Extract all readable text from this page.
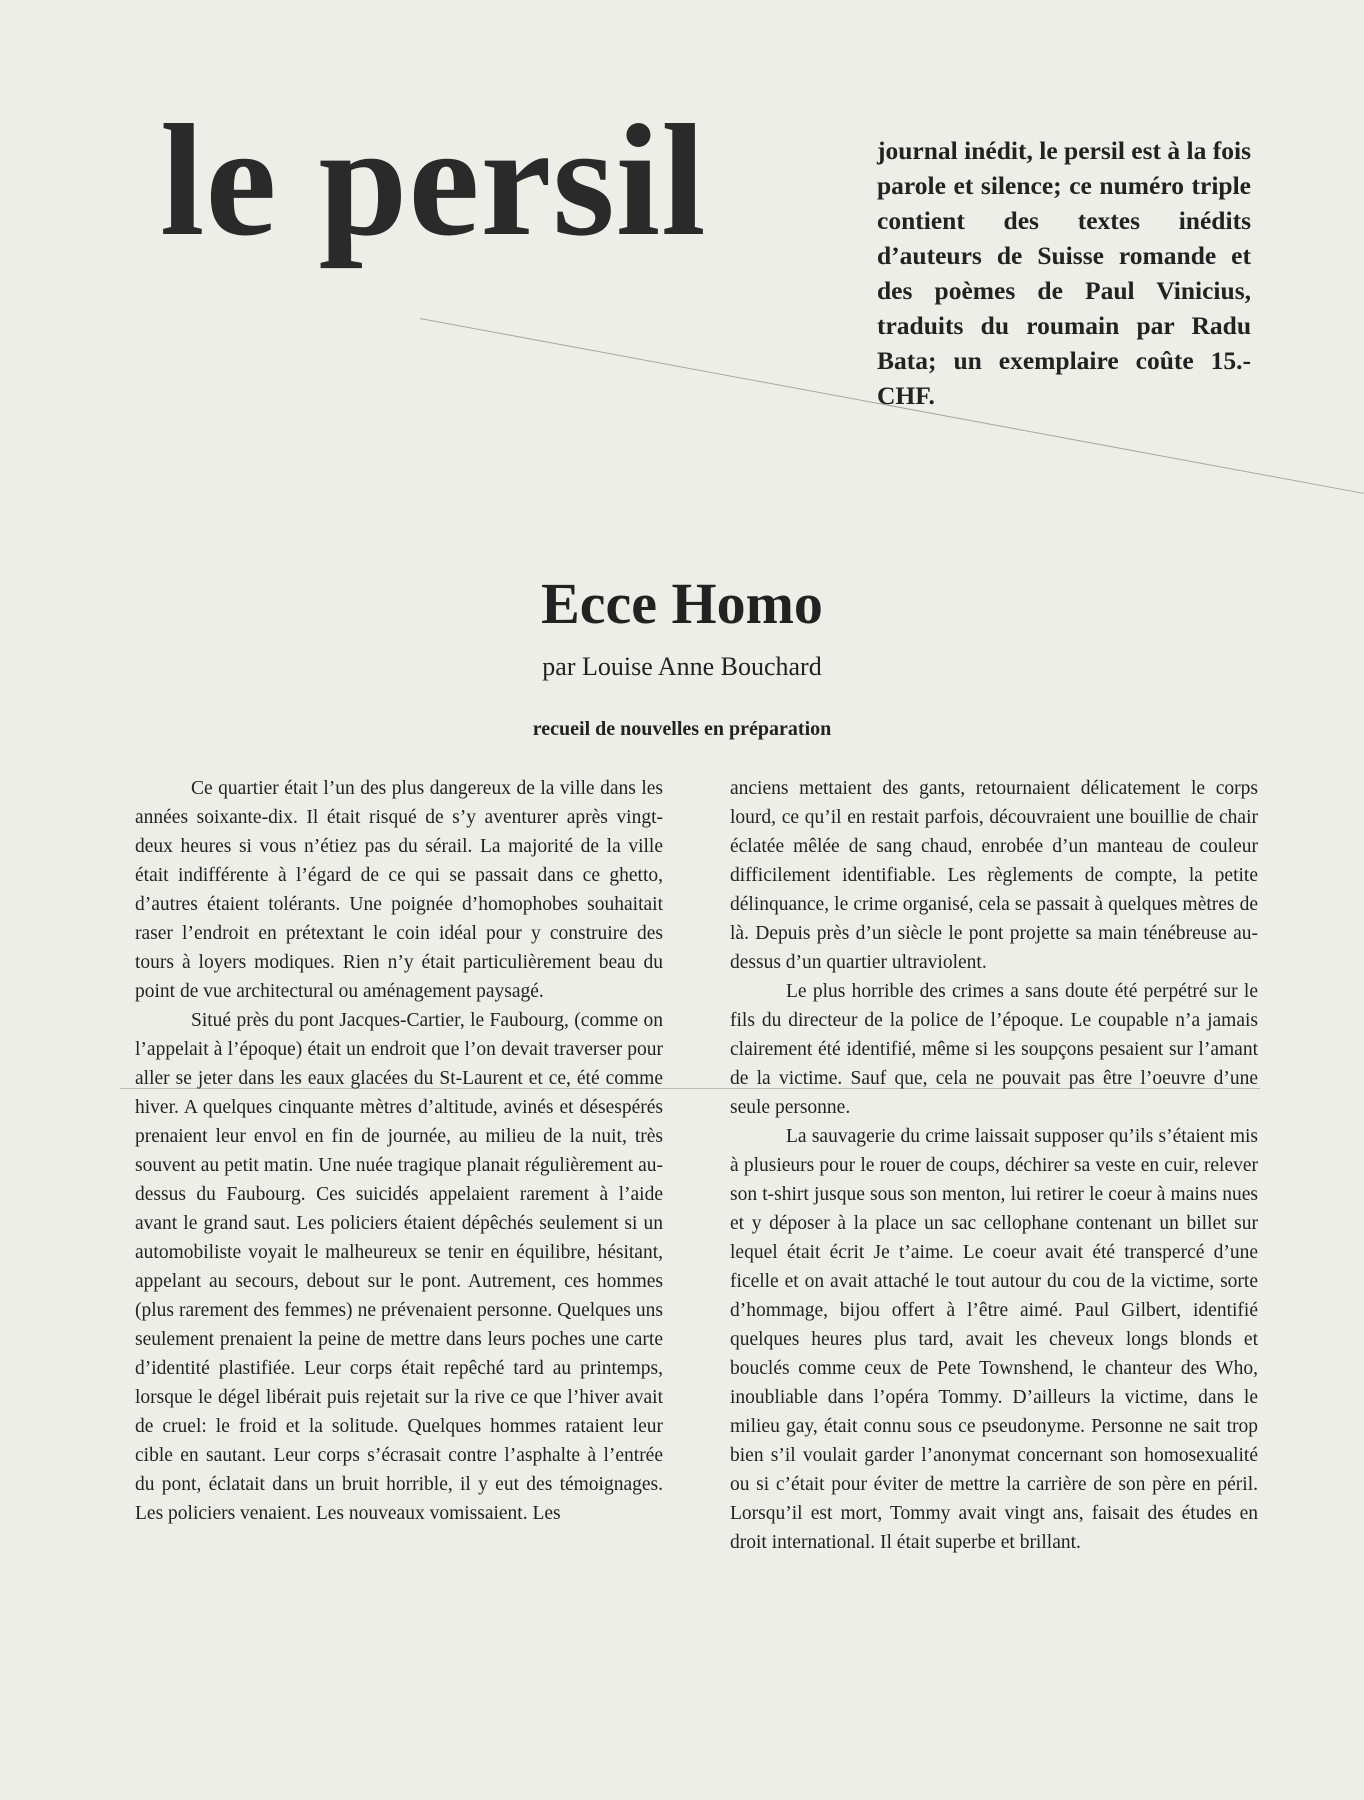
le persil	journal inédit, le persil est à la fois parole et silence; ce numéro triple contient des textes inédits d’auteurs de Suisse romande et des poèmes de Paul Vinicius, traduits du roumain par Radu Bata; un exemplaire coûte 15.-CHF.
Ecce Homo
par Louise Anne Bouchard
recueil de nouvelles en préparation

Ce quartier était l’un des plus dangereux de la ville dans les années soixante-dix. Il était risqué de s’y aventurer après vingt-deux heures si vous n’étiez pas du sérail. La majorité de la ville était indifférente à l’égard de ce qui se passait dans ce ghetto, d’autres étaient tolérants. Une poignée d’homophobes souhaitait raser l’endroit en prétextant le coin idéal pour y construire des tours à loyers modiques. Rien n’y était particulièrement beau du point de vue architectural ou aménagement paysagé.

Situé près du pont Jacques-Cartier, le Faubourg, (comme on l’appelait à l’époque) était un endroit que l’on devait traverser pour aller se jeter dans les eaux glacées du St-Laurent et ce, été comme hiver. A quelques cinquante mètres d’altitude, avinés et désespérés prenaient leur envol en fin de journée, au milieu de la nuit, très souvent au petit matin. Une nuée tragique planait régulièrement au-dessus du Faubourg. Ces suicidés appelaient rarement à l’aide avant le grand saut. Les policiers étaient dépêchés seulement si un automobiliste voyait le malheureux se tenir en équilibre, hésitant, appelant au secours, debout sur le pont. Autrement, ces hommes (plus rarement des femmes) ne prévenaient personne. Quelques uns seulement prenaient la peine de mettre dans leurs poches une carte d’identité plastifiée. Leur corps était repêché tard au printemps, lorsque le dégel libérait puis rejetait sur la rive ce que l’hiver avait de cruel: le froid et la solitude. Quelques hommes rataient leur cible en sautant. Leur corps s’écrasait contre l’asphalte à l’entrée du pont, éclatait dans un bruit horrible, il y eut des témoignages. Les policiers venaient. Les nouveaux vomissaient. Les

anciens mettaient des gants, retournaient délicatement le corps lourd, ce qu’il en restait parfois, découvraient une bouillie de chair éclatée mêlée de sang chaud, enrobée d’un manteau de couleur difficilement identifiable. Les règlements de compte, la petite délinquance, le crime organisé, cela se passait à quelques mètres de là. Depuis près d’un siècle le pont projette sa main ténébreuse au-dessus d’un quartier ultraviolent.

Le plus horrible des crimes a sans doute été perpétré sur le fils du directeur de la police de l’époque. Le coupable n’a jamais clairement été identifié, même si les soupçons pesaient sur l’amant de la victime. Sauf que, cela ne pouvait pas être l’oeuvre d’une seule personne.

La sauvagerie du crime laissait supposer qu’ils s’étaient mis à plusieurs pour le rouer de coups, déchirer sa veste en cuir, relever son t-shirt jusque sous son menton, lui retirer le coeur à mains nues et y déposer à la place un sac cellophane contenant un billet sur lequel était écrit Je t’aime. Le coeur avait été transpercé d’une ficelle et on avait attaché le tout autour du cou de la victime, sorte d’hommage, bijou offert à l’être aimé. Paul Gilbert, identifié quelques heures plus tard, avait les cheveux longs blonds et bouclés comme ceux de Pete Townshend, le chanteur des Who, inoubliable dans l’opéra Tommy. D’ailleurs la victime, dans le milieu gay, était connu sous ce pseudonyme. Personne ne sait trop bien s’il voulait garder l’anonymat concernant son homosexualité ou si c’était pour éviter de mettre la carrière de son père en péril. Lorsqu’il est mort, Tommy avait vingt ans, faisait des études en droit international. Il était superbe et brillant.
